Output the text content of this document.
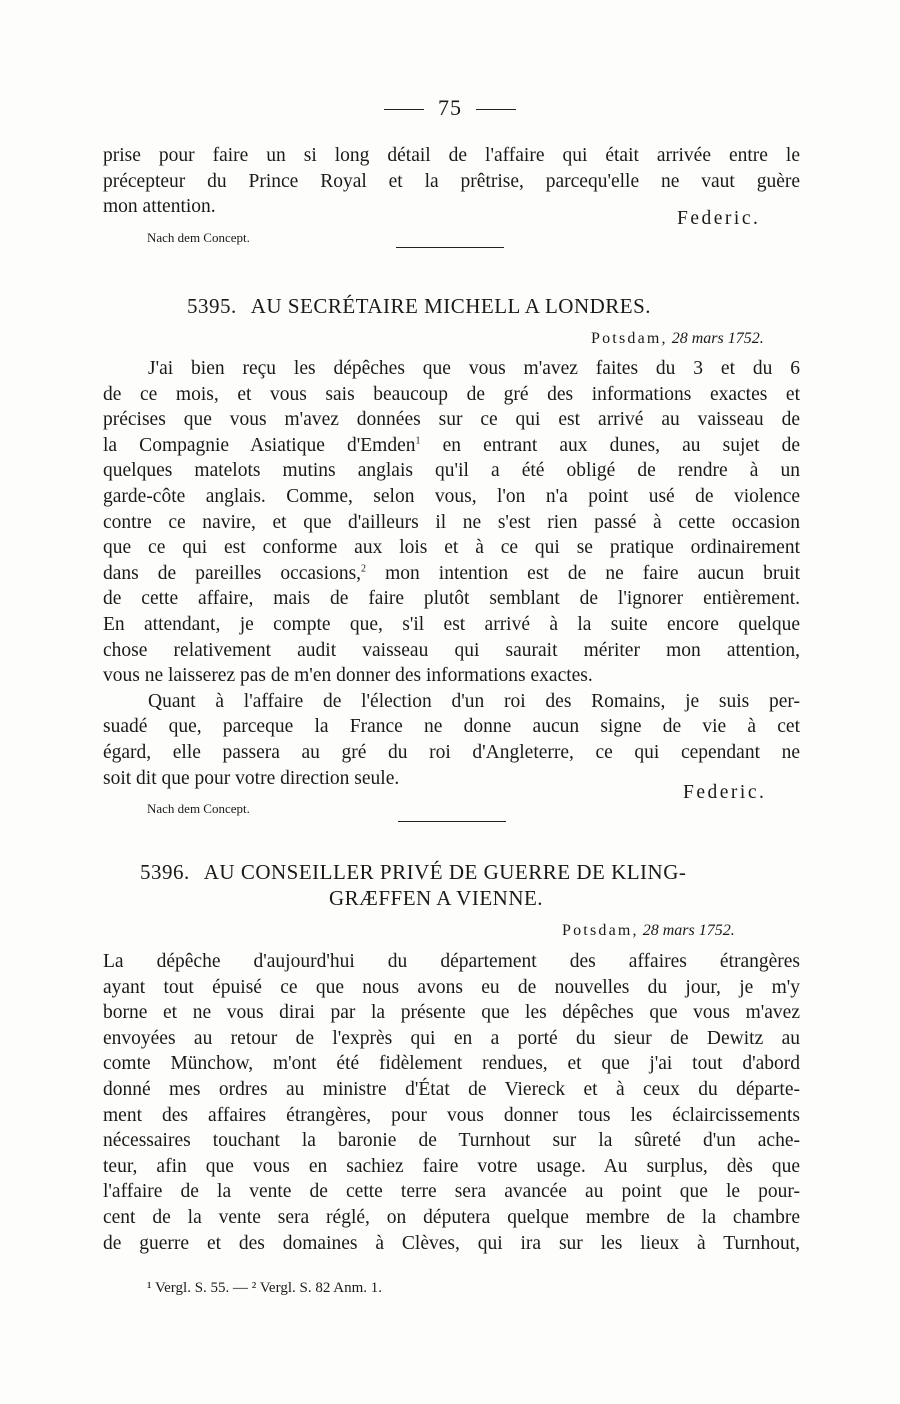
75
prise pour faire un si long détail de l'affaire qui était arrivée entre le
précepteur du Prince Royal et la prêtrise, parcequ'elle ne vaut guère
mon attention.
Federic.
Nach dem Concept.
5395. AU SECRÉTAIRE MICHELL A LONDRES.
Potsdam, 28 mars 1752.
J'ai bien reçu les dépêches que vous m'avez faites du 3 et du 6
de ce mois, et vous sais beaucoup de gré des informations exactes et
précises que vous m'avez données sur ce qui est arrivé au vaisseau de
la Compagnie Asiatique d'Emden$^1$ en entrant aux dunes, au sujet de
quelques matelots mutins anglais qu'il a été obligé de rendre à un
garde-côte anglais. Comme, selon vous, l'on n'a point usé de violence
contre ce navire, et que d'ailleurs il ne s'est rien passé à cette occasion
que ce qui est conforme aux lois et à ce qui se pratique ordinairement
dans de pareilles occasions,$^2$ mon intention est de ne faire aucun bruit
de cette affaire, mais de faire plutôt semblant de l'ignorer entièrement.
En attendant, je compte que, s'il est arrivé à la suite encore quelque
chose relativement audit vaisseau qui saurait mériter mon attention,
vous ne laisserez pas de m'en donner des informations exactes.
Quant à l'affaire de l'élection d'un roi des Romains, je suis per-
suadé que, parceque la France ne donne aucun signe de vie à cet
égard, elle passera au gré du roi d'Angleterre, ce qui cependant ne
soit dit que pour votre direction seule.
Federic.
Nach dem Concept.
5396. AU CONSEILLER PRIVÉ DE GUERRE DE KLING-
GRÆFFEN A VIENNE.
Potsdam, 28 mars 1752.
La dépêche d'aujourd'hui du département des affaires étrangères
ayant tout épuisé ce que nous avons eu de nouvelles du jour, je m'y
borne et ne vous dirai par la présente que les dépêches que vous m'avez
envoyées au retour de l'exprès qui en a porté du sieur de Dewitz au
comte Münchow, m'ont été fidèlement rendues, et que j'ai tout d'abord
donné mes ordres au ministre d'État de Viereck et à ceux du départe-
ment des affaires étrangères, pour vous donner tous les éclaircissements
nécessaires touchant la baronie de Turnhout sur la sûreté d'un ache-
teur, afin que vous en sachiez faire votre usage. Au surplus, dès que
l'affaire de la vente de cette terre sera avancée au point que le pour-
cent de la vente sera réglé, on députera quelque membre de la chambre
de guerre et des domaines à Clèves, qui ira sur les lieux à Turnhout,
¹ Vergl. S. 55. — ² Vergl. S. 82 Anm. 1.
